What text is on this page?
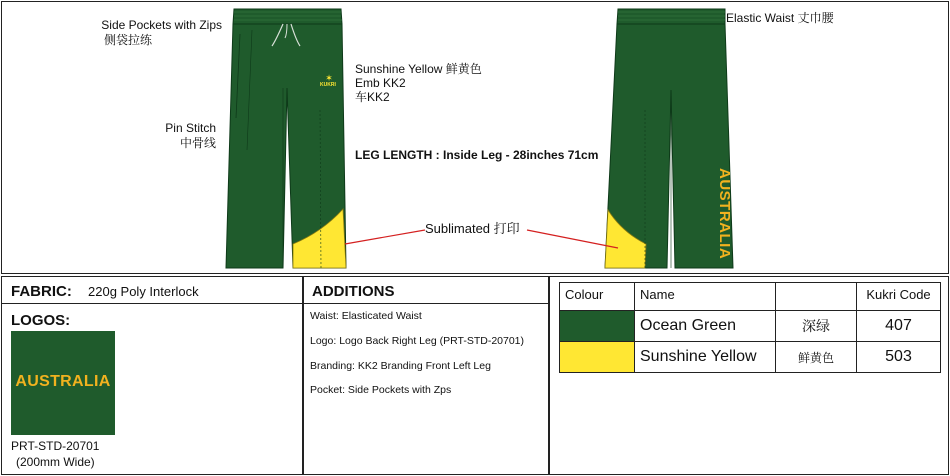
✶
AUSTRALIA
KUKRI
Side Pockets with Zips
侧袋拉练
Pin Stitch
中骨线
Sunshine Yellow 鲜黄色
Emb KK2
车KK2
LEG LENGTH : Inside Leg - 28inches 71cm
Sublimated 打印
Elastic Waist 丈巾腰
FABRIC: 220g Poly Interlock
LOGOS:
AUSTRALIA
PRT-STD-20701
(200mm Wide)
ADDITIONS
Waist: Elasticated Waist
Logo: Logo Back Right Leg (PRT-STD-20701)
Branding: KK2 Branding Front Left Leg
Pocket: Side Pockets with Zps
Colour	Name		Kukri Code
	Ocean Green	深绿	407
	Sunshine Yellow	鲜黄色	503
